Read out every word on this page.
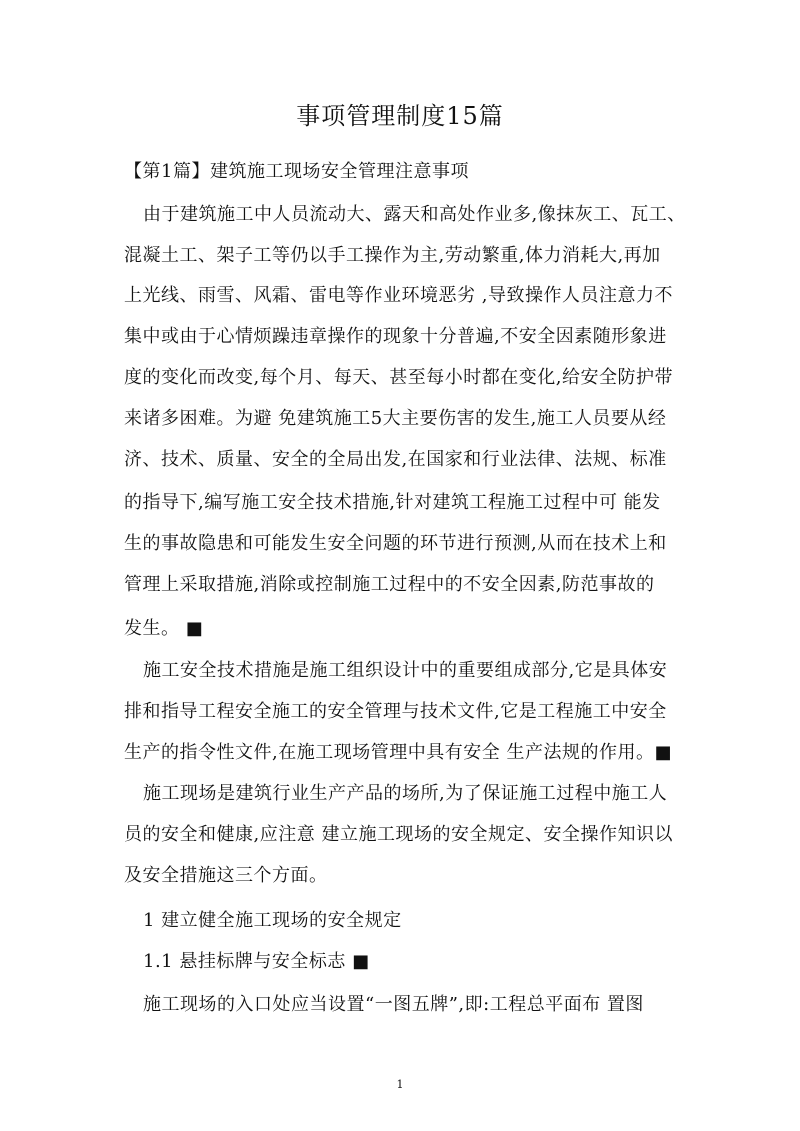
事项管理制度15篇
【第1篇】建筑施工现场安全管理注意事项
由于建筑施工中人员流动大、露天和高处作业多,像抹灰工、瓦工、
混凝土工、架子工等仍以手工操作为主,劳动繁重,体力消耗大,再加
上光线、雨雪、风霜、雷电等作业环境恶劣 ,导致操作人员注意力不
集中或由于心情烦躁违章操作的现象十分普遍,不安全因素随形象进
度的变化而改变,每个月、每天、甚至每小时都在变化,给安全防护带
来诸多困难。为避 免建筑施工5大主要伤害的发生,施工人员要从经
济、技术、质量、安全的全局出发,在国家和行业法律、法规、标准
的指导下,编写施工安全技术措施,针对建筑工程施工过程中可 能发
生的事故隐患和可能发生安全问题的环节进行预测,从而在技术上和
管理上采取措施,消除或控制施工过程中的不安全因素,防范事故的
发生。 ■
施工安全技术措施是施工组织设计中的重要组成部分,它是具体安
排和指导工程安全施工的安全管理与技术文件,它是工程施工中安全
生产的指令性文件,在施工现场管理中具有安全 生产法规的作用。■
施工现场是建筑行业生产产品的场所,为了保证施工过程中施工人
员的安全和健康,应注意 建立施工现场的安全规定、安全操作知识以
及安全措施这三个方面。
1 建立健全施工现场的安全规定
1.1 悬挂标牌与安全标志 ■
施工现场的入口处应当设置“一图五牌”,即:工程总平面布 置图
1
